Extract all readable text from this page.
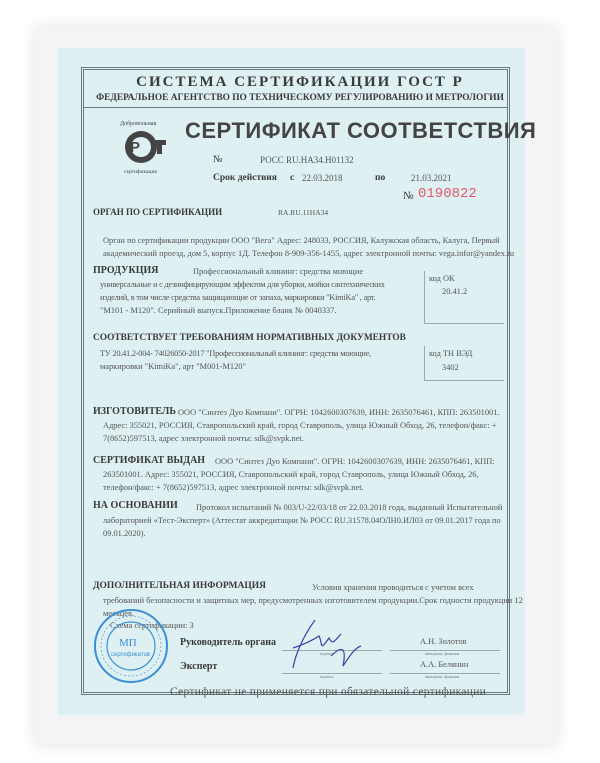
СИСТЕМА СЕРТИФИКАЦИИ ГОСТ Р
ФЕДЕРАЛЬНОЕ АГЕНТСТВО ПО ТЕХНИЧЕСКОМУ РЕГУЛИРОВАНИЮ И МЕТРОЛОГИИ
СЕРТИФИКАТ СООТВЕТСТВИЯ
Р
Добровольная
сертификация
№	РОСС RU.HA34.H01132
Срок действия с 22.03.2018	по	21.03.2021
№ 0190822
ОРГАН ПО СЕРТИФИКАЦИИ	RA.RU.11HA34
Орган по сертификации продукции ООО "Вега" Адрес: 248033, РОССИЯ, Калужская область, Калуга, Первый
академический проезд, дом 5, корпус 1Д. Телефон 8-909-356-1455, адрес электронной почты: vega.infor@yandex.ru
ПРОДУКЦИЯ	Профессиональный клининг: средства моющие
универсальные и с дезинфицирующим эффектом для уборки, мойки сантехнических
изделий, в том числе средства защищающие от запаха, маркировки "KimiKa" , арт.
"M101 - M120". Серийный выпуск.Приложение бланк № 0040337.
код ОК
20.41.2
СООТВЕТСТВУЕТ ТРЕБОВАНИЯМ НОРМАТИВНЫХ ДОКУМЕНТОВ
ТУ 20.41.2-004- 74026050-2017 "Профессиональный клининг: средства моющие,
маркировки "KimiKa", арт "M001-M120"
код ТН ВЭД
3402
ИЗГОТОВИТЕЛЬ ООО "Синтез Дуо Компани". ОГРН: 1042600307639, ИНН: 2635076461, КПП: 263501001.
Адрес: 355021, РОССИЯ, Ставропольский край, город Ставрополь, улица Южный Обход, 26, телефон/факс: +
7(8652)597513, адрес электронной почты: sdk@svpk.net.
СЕРТИФИКАТ ВЫДАН ООО "Синтез Дуо Компани". ОГРН: 1042600307639, ИНН: 2635076461, КПП:
263501001. Адрес: 355021, РОССИЯ, Ставропольский край, город Ставрополь, улица Южный Обход, 26,
телефон/факс: + 7(8652)597513, адрес электронной почты: sdk@svpk.net.
НА ОСНОВАНИИ Протокол испытаний № 003/U-22/03/18 от 22.03.2018 года, выданный Испытательной
лабораторией «Тест-Эксперт» (Аттестат аккредитации № РОСС RU.31578.04ОЛН0.ИЛ03 от 09.01.2017 года по
09.01.2020).
ДОПОЛНИТЕЛЬНАЯ ИНФОРМАЦИЯ	Условия хранения проводиться с учетом всех
требований безопасности и защитных мер, предусмотренных изготовителем продукции.Срок годности продукции 12
месяцев.
Схема сертификации: 3
Руководитель органа
подпись
А.Н. Золотов
инициалы, фамилия
Эксперт
подпись
А.А. Белянин
инициалы, фамилия
МП
сертификатов
Сертификат не применяется при обязательной сертификации
